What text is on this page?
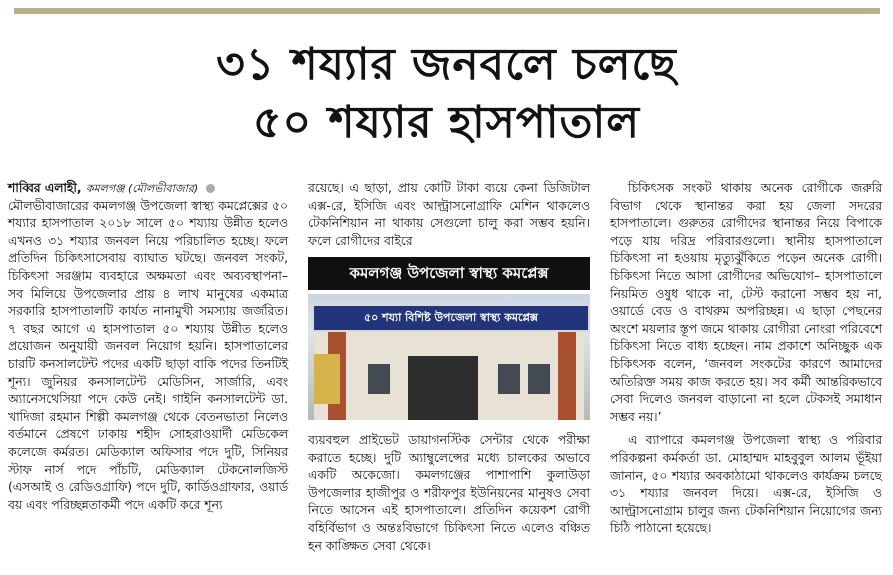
৩১ শয্যার জনবলে চলছে
৫০ শয্যার হাসপাতাল

শাব্বির এলাহী, কমলগঞ্জ (মৌলভীবাজার)

মৌলভীবাজারের কমলগঞ্জ উপজেলা স্বাস্থ্য কমপ্লেক্সের ৫০ শয্যার হাসপাতাল ২০১৮ সালে ৫০ শয্যায় উন্নীত হলেও এখনও ৩১ শয্যার জনবল নিয়ে পরিচালিত হচ্ছে। ফলে প্রতিদিন চিকিৎসাসেবায় ব্যাঘাত ঘটছে। জনবল সংকট, চিকিৎসা সরঞ্জাম ব্যবহারে অক্ষমতা এবং অব্যবস্থাপনা– সব মিলিয়ে উপজেলার প্রায় ৪ লাখ মানুষের একমাত্র সরকারি হাসপাতালটি কার্যত নানামুখী সমস্যায় জর্জরিত। ৭ বছর আগে এ হাসপাতাল ৫০ শয্যায় উন্নীত হলেও প্রয়োজন অনুযায়ী জনবল নিয়োগ হয়নি। হাসপাতালের চারটি কনসালটেন্ট পদের একটি ছাড়া বাকি পদের তিনটিই শূন্য। জুনিয়র কনসালটেন্ট মেডিসিন, সার্জারি, এবং অ্যানেসথেসিয়া পদে কেউ নেই। গাইনি কনসালটেন্ট ডা. খাদিজা রহমান শিল্পী কমলগঞ্জ থেকে বেতনভাতা নিলেও বর্তমানে প্রেষণে ঢাকায় শহীদ সোহরাওয়ার্দী মেডিকেল কলেজে কর্মরত। মেডিক্যাল অফিসার পদে দুটি, সিনিয়র স্টাফ নার্স পদে পাঁচটি, মেডিক্যাল টেকনোলজিস্ট (এসআই ও রেডিওগ্রাফি) পদে দুটি, কার্ডিওগ্রাফার, ওয়ার্ড বয় এবং পরিচ্ছন্নতাকর্মী পদে একটি করে শূন্য

রয়েছে। এ ছাড়া, প্রায় কোটি টাকা ব্যয়ে কেনা ডিজিটাল এক্স-রে, ইসিজি এবং আল্ট্রাসনোগ্রাফি মেশিন থাকলেও টেকনিশিয়ান না থাকায় সেগুলো চালু করা সম্ভব হয়নি। ফলে রোগীদের বাইরে

ব্যয়বহুল প্রাইভেট ডায়াগনস্টিক সেন্টার থেকে পরীক্ষা করাতে হচ্ছে। দুটি অ্যাম্বুলেন্সের মধ্যে চালকের অভাবে একটি অকেজো। কমলগঞ্জের পাশাপাশি কুলাউড়া উপজেলার হাজীপুর ও শরীফপুর ইউনিয়নের মানুষও সেবা নিতে আসেন এই হাসপাতালে। প্রতিদিন কয়েকশ রোগী বহির্বিভাগ ও অন্তঃবিভাগে চিকিৎসা নিতে এলেও বঞ্চিত হন কাঙ্ক্ষিত সেবা থেকে।

কমলগঞ্জ উপজেলা স্বাস্থ্য কমপ্লেক্স
৫০ শয্যা বিশিষ্ট উপজেলা স্বাস্থ্য কমপ্লেক্স

চিকিৎসক সংকট থাকায় অনেক রোগীকে জরুরি বিভাগ থেকে স্থানান্তর করা হয় জেলা সদরের হাসপাতালে। গুরুতর রোগীদের স্থানান্তর নিয়ে বিপাকে পড়ে যায় দরিদ্র পরিবারগুলো। স্থানীয় হাসপাতালে চিকিৎসা না হওয়ায় মৃত্যুঝুঁকিতে পড়েন অনেক রোগী। চিকিৎসা নিতে আসা রোগীদের অভিযোগ– হাসপাতালে নিয়মিত ওষুধ থাকে না, টেস্ট করানো সম্ভব হয় না, ওয়ার্ডে বেড ও বাথরুম অপরিচ্ছন্ন। এ ছাড়া পেছনের অংশে ময়লার স্তূপ জমে থাকায় রোগীরা নোংরা পরিবেশে চিকিৎসা নিতে বাধ্য হচ্ছেন। নাম প্রকাশে অনিচ্ছুক এক চিকিৎসক বলেন, ‘জনবল সংকটের কারণে আমাদের অতিরিক্ত সময় কাজ করতে হয়। সব কর্মী আন্তরিকভাবে সেবা দিলেও জনবল বাড়ানো না হলে টেকসই সমাধান সম্ভব নয়।’

এ ব্যাপারে কমলগঞ্জ উপজেলা স্বাস্থ্য ও পরিবার পরিকল্পনা কর্মকর্তা ডা. মোহাম্মদ মাহবুবুল আলম ভূঁইয়া জানান, ৫০ শয্যার অবকাঠামো থাকলেও কার্যক্রম চলছে ৩১ শয্যার জনবল দিয়ে। এক্স-রে, ইসিজি ও আল্ট্রাসনোগ্রাম চালুর জন্য টেকনিশিয়ান নিয়োগের জন্য চিঠি পাঠানো হয়েছে।
